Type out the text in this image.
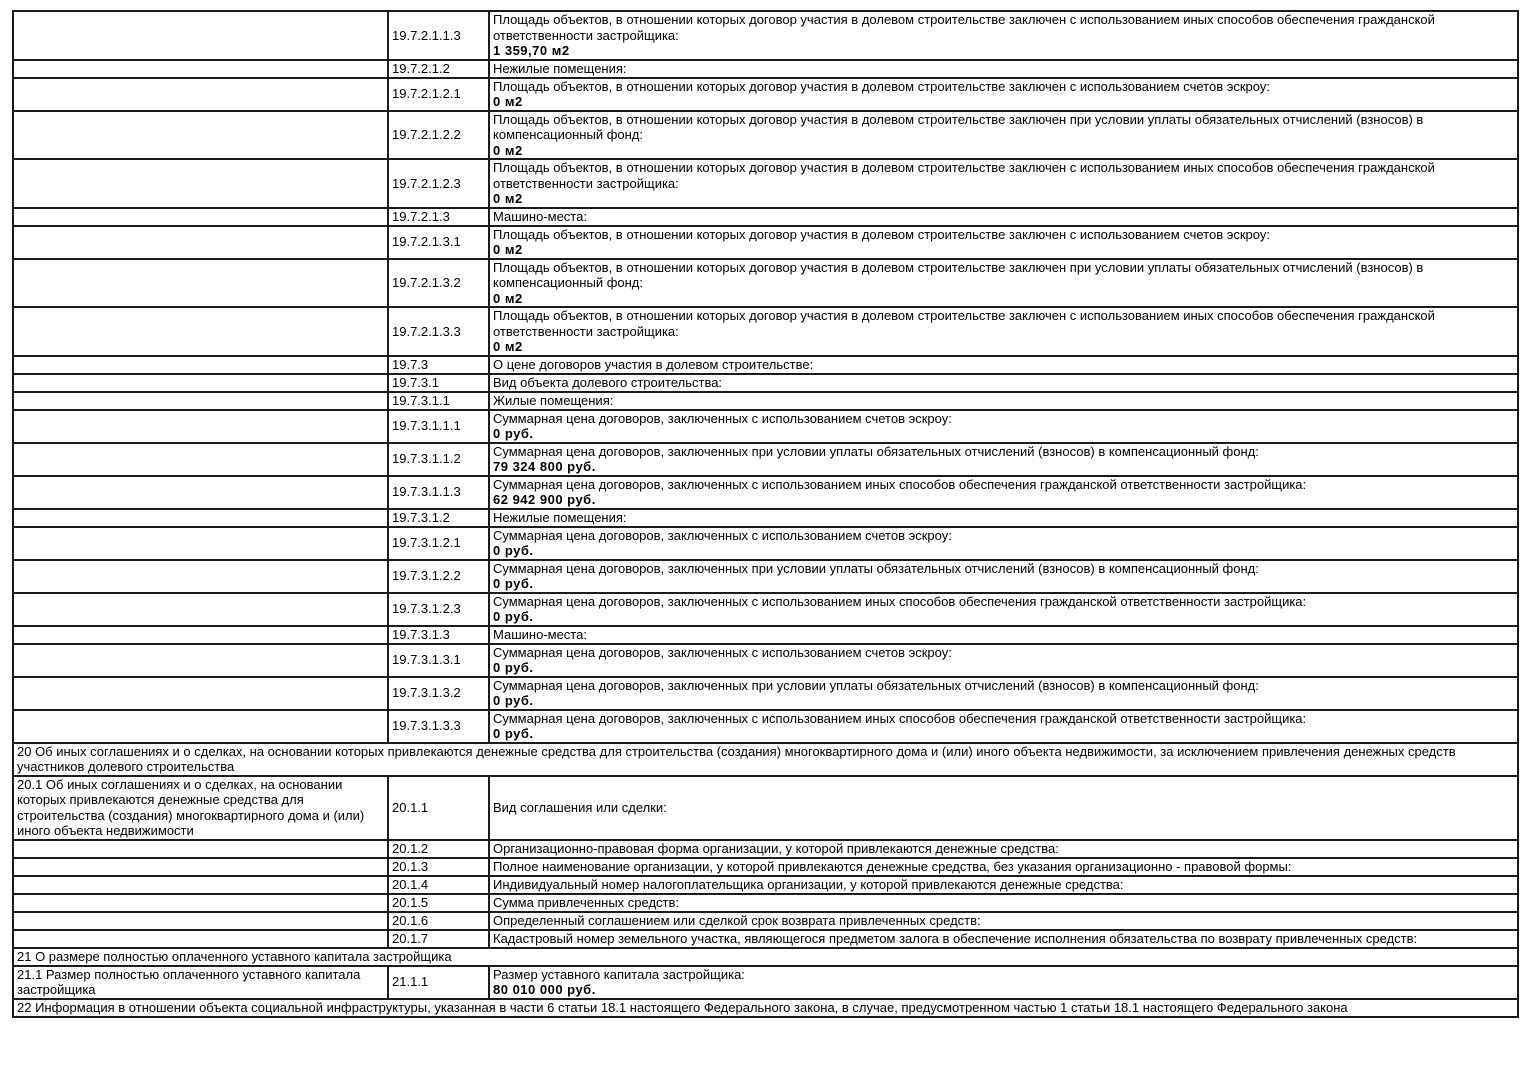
	19.7.2.1.1.3	Площадь объектов, в отношении которых договор участия в долевом строительстве заключен с использованием иных способов обеспечения гражданской ответственности застройщика:
1 359,70 м2

	19.7.2.1.2	Нежилые помещения:

	19.7.2.1.2.1	Площадь объектов, в отношении которых договор участия в долевом строительстве заключен с использованием счетов эскроу:
0 м2

	19.7.2.1.2.2	Площадь объектов, в отношении которых договор участия в долевом строительстве заключен при условии уплаты обязательных отчислений (взносов) в компенсационный фонд:
0 м2

	19.7.2.1.2.3	Площадь объектов, в отношении которых договор участия в долевом строительстве заключен с использованием иных способов обеспечения гражданской ответственности застройщика:
0 м2

	19.7.2.1.3	Машино-места:

	19.7.2.1.3.1	Площадь объектов, в отношении которых договор участия в долевом строительстве заключен с использованием счетов эскроу:
0 м2

	19.7.2.1.3.2	Площадь объектов, в отношении которых договор участия в долевом строительстве заключен при условии уплаты обязательных отчислений (взносов) в компенсационный фонд:
0 м2

	19.7.2.1.3.3	Площадь объектов, в отношении которых договор участия в долевом строительстве заключен с использованием иных способов обеспечения гражданской ответственности застройщика:
0 м2

	19.7.3	О цене договоров участия в долевом строительстве:

	19.7.3.1	Вид объекта долевого строительства:

	19.7.3.1.1	Жилые помещения:

	19.7.3.1.1.1	Суммарная цена договоров, заключенных с использованием счетов эскроу:
0 руб.

	19.7.3.1.1.2	Суммарная цена договоров, заключенных при условии уплаты обязательных отчислений (взносов) в компенсационный фонд:
79 324 800 руб.

	19.7.3.1.1.3	Суммарная цена договоров, заключенных с использованием иных способов обеспечения гражданской ответственности застройщика:
62 942 900 руб.

	19.7.3.1.2	Нежилые помещения:

	19.7.3.1.2.1	Суммарная цена договоров, заключенных с использованием счетов эскроу:
0 руб.

	19.7.3.1.2.2	Суммарная цена договоров, заключенных при условии уплаты обязательных отчислений (взносов) в компенсационный фонд:
0 руб.

	19.7.3.1.2.3	Суммарная цена договоров, заключенных с использованием иных способов обеспечения гражданской ответственности застройщика:
0 руб.

	19.7.3.1.3	Машино-места:

	19.7.3.1.3.1	Суммарная цена договоров, заключенных с использованием счетов эскроу:
0 руб.

	19.7.3.1.3.2	Суммарная цена договоров, заключенных при условии уплаты обязательных отчислений (взносов) в компенсационный фонд:
0 руб.

	19.7.3.1.3.3	Суммарная цена договоров, заключенных с использованием иных способов обеспечения гражданской ответственности застройщика:
0 руб.

20 Об иных соглашениях и о сделках, на основании которых привлекаются денежные средства для строительства (создания) многоквартирного дома и (или) иного объекта недвижимости, за исключением привлечения денежных средств участников долевого строительства		
20.1 Об иных соглашениях и о сделках, на основании которых привлекаются денежные средства для строительства (создания) многоквартирного дома и (или) иного объекта недвижимости	20.1.1	Вид соглашения или сделки:

	20.1.2	Организационно-правовая форма организации, у которой привлекаются денежные средства:

	20.1.3	Полное наименование организации, у которой привлекаются денежные средства, без указания организационно - правовой формы:

	20.1.4	Индивидуальный номер налогоплательщика организации, у которой привлекаются денежные средства:

	20.1.5	Сумма привлеченных средств:

	20.1.6	Определенный соглашением или сделкой срок возврата привлеченных средств:

	20.1.7	Кадастровый номер земельного участка, являющегося предметом залога в обеспечение исполнения обязательства по возврату привлеченных средств:

21 О размере полностью оплаченного уставного капитала застройщика		
21.1 Размер полностью оплаченного уставного капитала застройщика	21.1.1	Размер уставного капитала застройщика:
80 010 000 руб.

22 Информация в отношении объекта социальной инфраструктуры, указанная в части 6 статьи 18.1 настоящего Федерального закона, в случае, предусмотренном частью 1 статьи 18.1 настоящего Федерального закона		
